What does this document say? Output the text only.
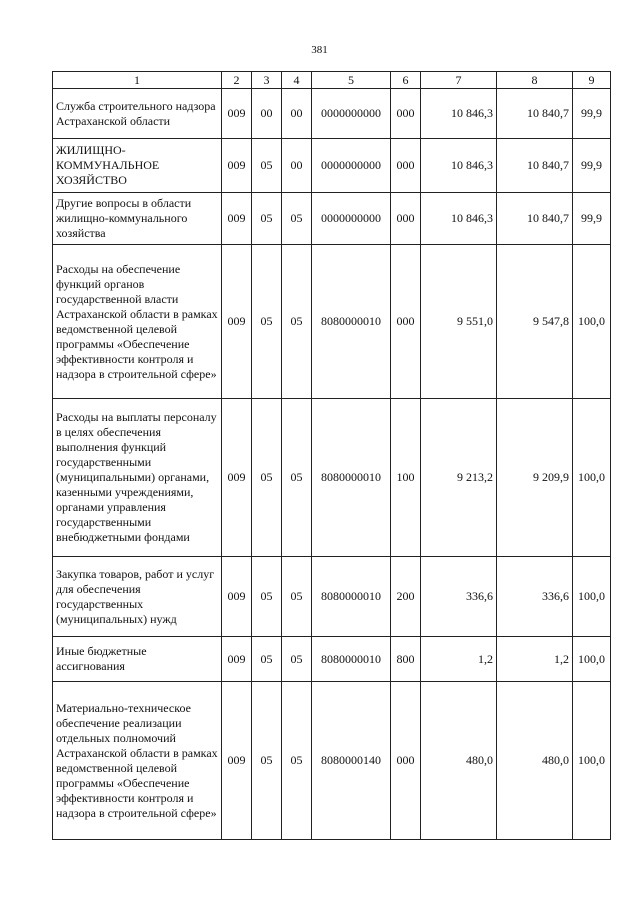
381
1	2	3	4	5	6	7	8	9
Служба строительного надзора Астраханской области	009	00	00	0000000000	000	10 846,3	10 840,7	99,9
ЖИЛИЩНО-КОММУНАЛЬНОЕ ХОЗЯЙСТВО	009	05	00	0000000000	000	10 846,3	10 840,7	99,9
Другие вопросы в области жилищно-коммунального хозяйства	009	05	05	0000000000	000	10 846,3	10 840,7	99,9
Расходы на обеспечение функций органов государственной власти Астраханской области в рамках ведомственной целевой программы «Обеспечение эффективности контроля и надзора в строительной сфере»	009	05	05	8080000010	000	9 551,0	9 547,8	100,0
Расходы на выплаты персоналу в целях обеспечения выполнения функций государственными (муниципальными) органами, казенными учреждениями, органами управления государственными внебюджетными фондами	009	05	05	8080000010	100	9 213,2	9 209,9	100,0
Закупка товаров, работ и услуг для обеспечения государственных (муниципальных) нужд	009	05	05	8080000010	200	336,6	336,6	100,0
Иные бюджетные ассигнования	009	05	05	8080000010	800	1,2	1,2	100,0
Материально-техническое обеспечение реализации отдельных полномочий Астраханской области в рамках ведомственной целевой программы «Обеспечение эффективности контроля и надзора в строительной сфере»	009	05	05	8080000140	000	480,0	480,0	100,0
